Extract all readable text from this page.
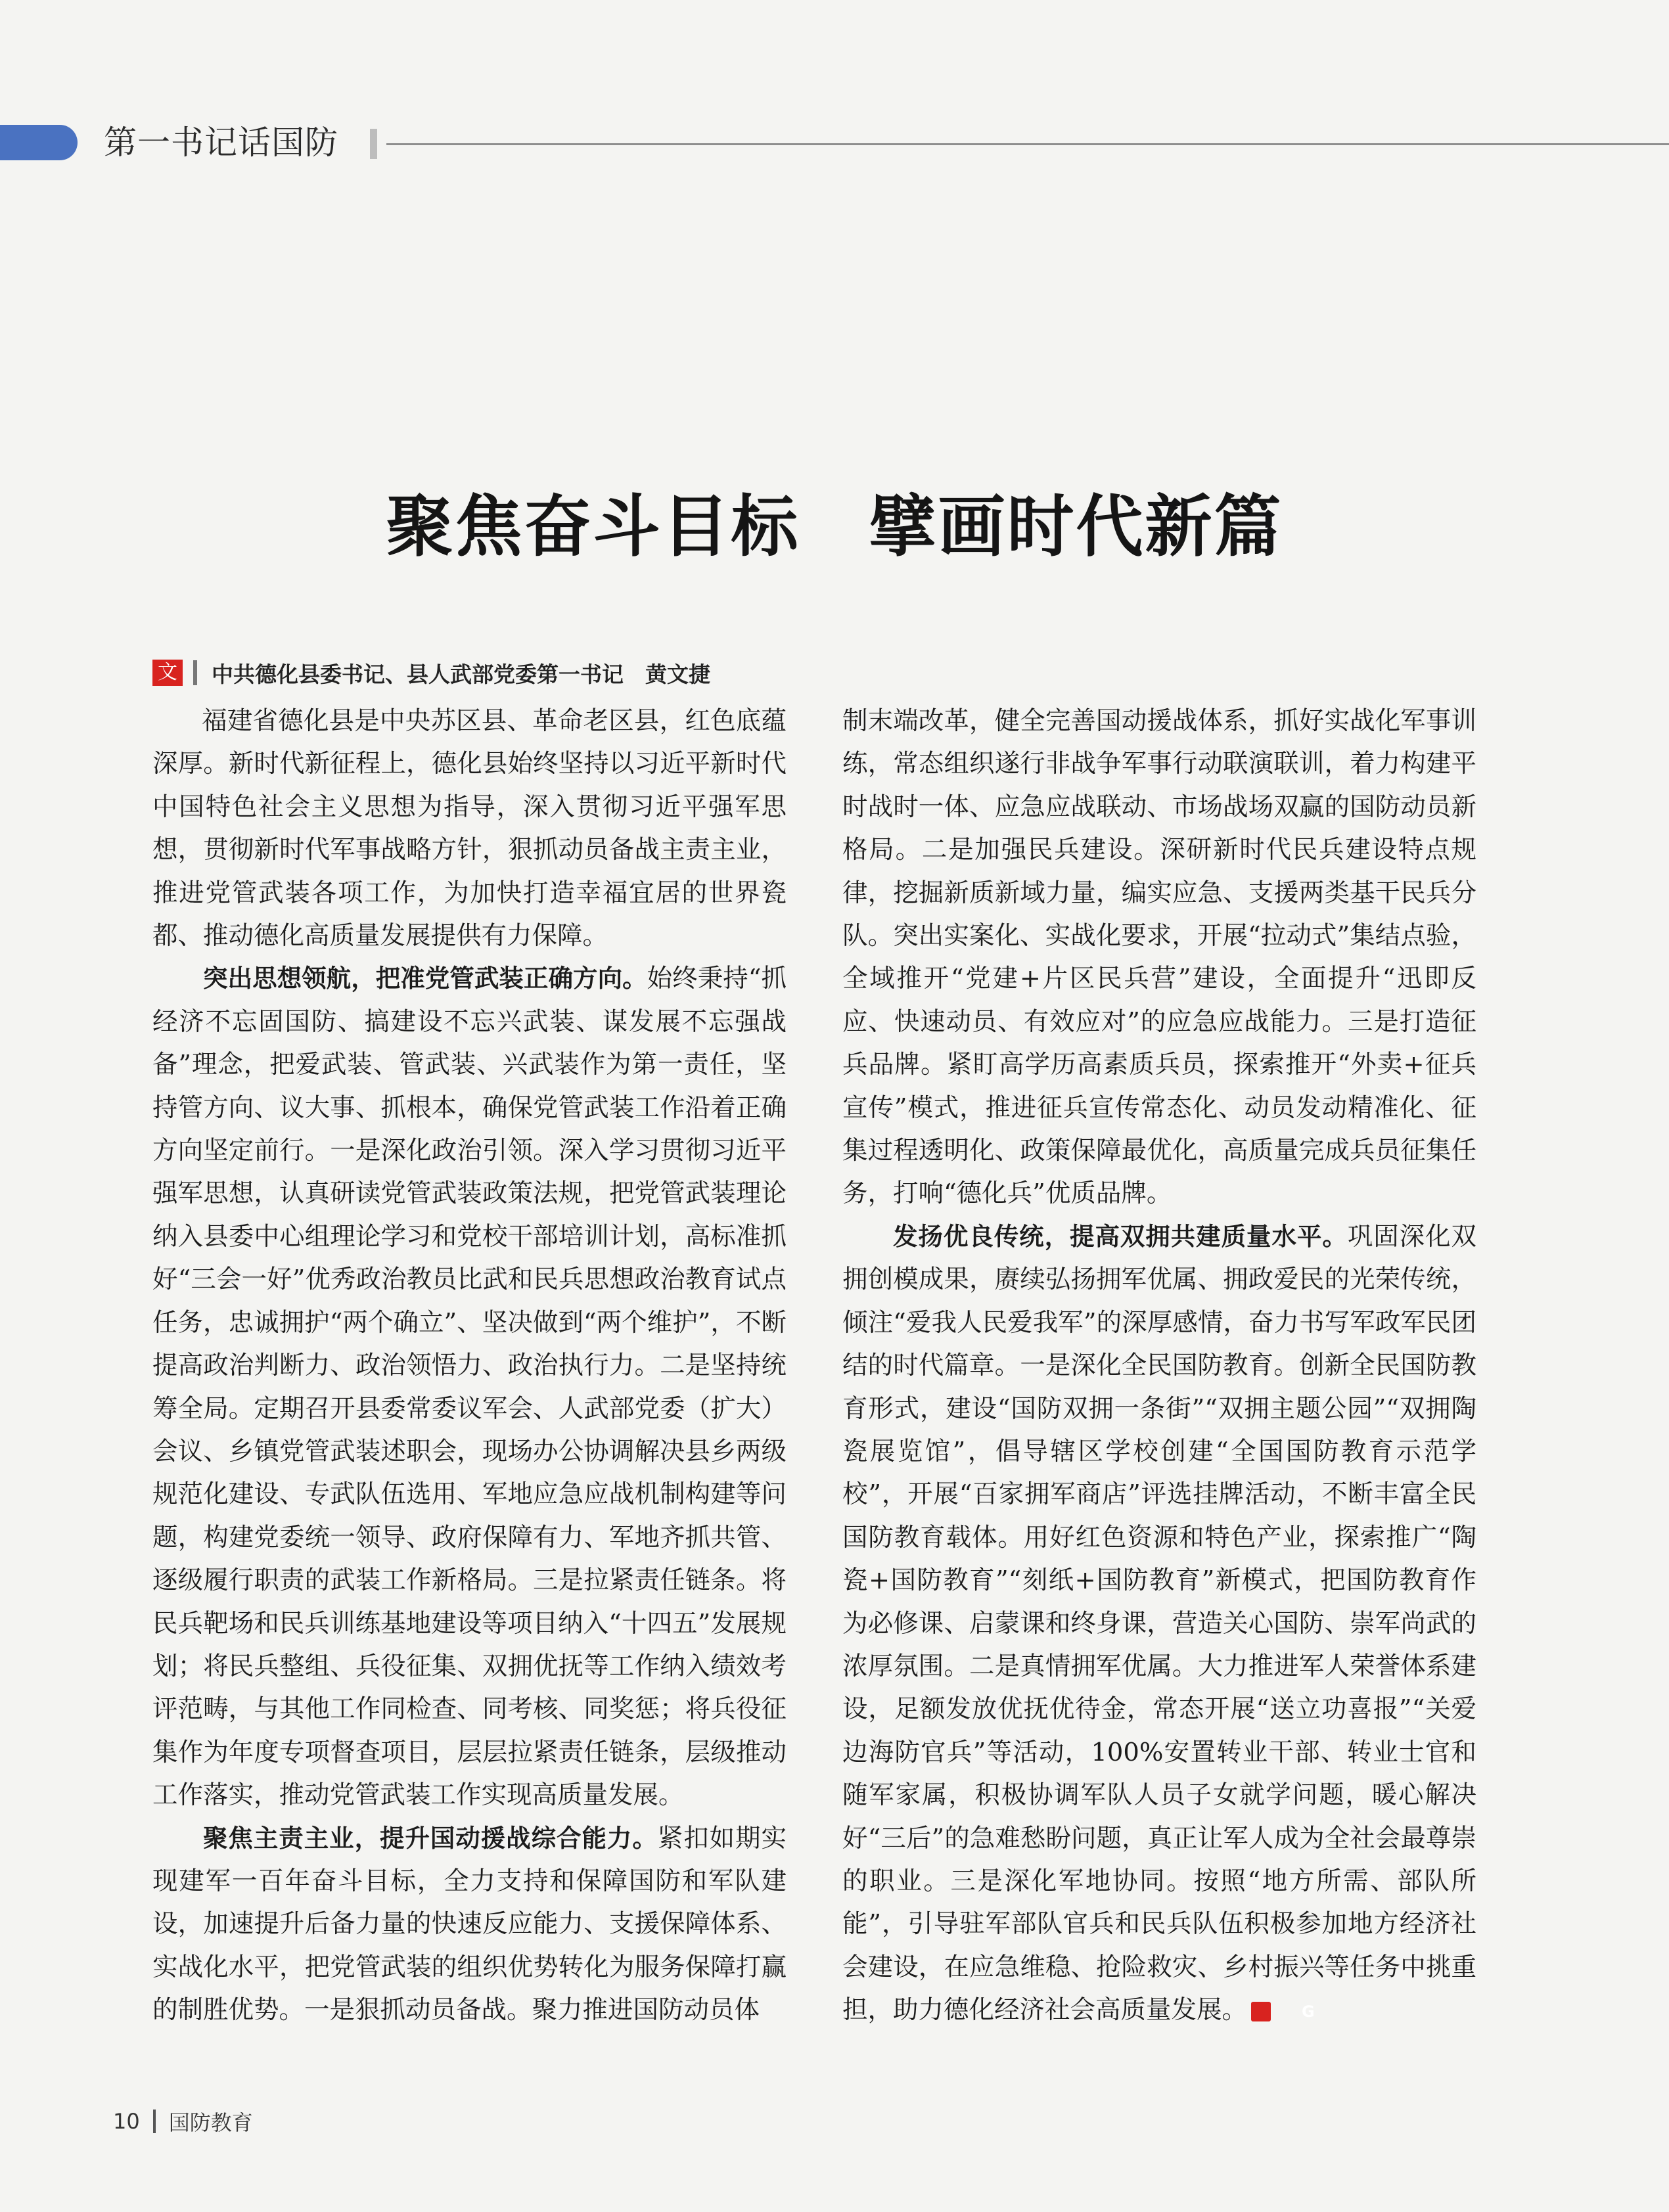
第一书记话国防
聚焦奋斗目标　擘画时代新篇
文 中共德化县委书记、县人武部党委第一书记　黄文捷

福建省德化县是中央苏区县、革命老区县，红色底蕴深厚。新时代新征程上，德化县始终坚持以习近平新时代中国特色社会主义思想为指导，深入贯彻习近平强军思想，贯彻新时代军事战略方针，狠抓动员备战主责主业，推进党管武装各项工作，为加快打造幸福宜居的世界瓷都、推动德化高质量发展提供有力保障。

突出思想领航，把准党管武装正确方向。始终秉持“抓经济不忘固国防、搞建设不忘兴武装、谋发展不忘强战备”理念，把爱武装、管武装、兴武装作为第一责任，坚持管方向、议大事、抓根本，确保党管武装工作沿着正确方向坚定前行。一是深化政治引领。深入学习贯彻习近平强军思想，认真研读党管武装政策法规，把党管武装理论纳入县委中心组理论学习和党校干部培训计划，高标准抓好“三会一好”优秀政治教员比武和民兵思想政治教育试点任务，忠诚拥护“两个确立”、坚决做到“两个维护”，不断提高政治判断力、政治领悟力、政治执行力。二是坚持统筹全局。定期召开县委常委议军会、人武部党委（扩大）会议、乡镇党管武装述职会，现场办公协调解决县乡两级规范化建设、专武队伍选用、军地应急应战机制构建等问题，构建党委统一领导、政府保障有力、军地齐抓共管、逐级履行职责的武装工作新格局。三是拉紧责任链条。将民兵靶场和民兵训练基地建设等项目纳入“十四五”发展规划；将民兵整组、兵役征集、双拥优抚等工作纳入绩效考评范畴，与其他工作同检查、同考核、同奖惩；将兵役征集作为年度专项督查项目，层层拉紧责任链条，层级推动工作落实，推动党管武装工作实现高质量发展。

聚焦主责主业，提升国动援战综合能力。紧扣如期实现建军一百年奋斗目标，全力支持和保障国防和军队建设，加速提升后备力量的快速反应能力、支援保障体系、实战化水平，把党管武装的组织优势转化为服务保障打赢的制胜优势。一是狠抓动员备战。聚力推进国防动员体

制末端改革，健全完善国动援战体系，抓好实战化军事训练，常态组织遂行非战争军事行动联演联训，着力构建平时战时一体、应急应战联动、市场战场双赢的国防动员新格局。二是加强民兵建设。深研新时代民兵建设特点规律，挖掘新质新域力量，编实应急、支援两类基干民兵分队。突出实案化、实战化要求，开展“拉动式”集结点验，全域推开“党建+片区民兵营”建设，全面提升“迅即反应、快速动员、有效应对”的应急应战能力。三是打造征兵品牌。紧盯高学历高素质兵员，探索推开“外卖+征兵宣传”模式，推进征兵宣传常态化、动员发动精准化、征集过程透明化、政策保障最优化，高质量完成兵员征集任务，打响“德化兵”优质品牌。

发扬优良传统，提高双拥共建质量水平。巩固深化双拥创模成果，赓续弘扬拥军优属、拥政爱民的光荣传统，倾注“爱我人民爱我军”的深厚感情，奋力书写军政军民团结的时代篇章。一是深化全民国防教育。创新全民国防教育形式，建设“国防双拥一条街”“双拥主题公园”“双拥陶瓷展览馆”，倡导辖区学校创建“全国国防教育示范学校”，开展“百家拥军商店”评选挂牌活动，不断丰富全民国防教育载体。用好红色资源和特色产业，探索推广“陶瓷+国防教育”“刻纸+国防教育”新模式，把国防教育作为必修课、启蒙课和终身课，营造关心国防、崇军尚武的浓厚氛围。二是真情拥军优属。大力推进军人荣誉体系建设，足额发放优抚优待金，常态开展“送立功喜报”“关爱边海防官兵”等活动，100%安置转业干部、转业士官和随军家属，积极协调军队人员子女就学问题，暖心解决好“三后”的急难愁盼问题，真正让军人成为全社会最尊崇的职业。三是深化军地协同。按照“地方所需、部队所能”，引导驻军部队官兵和民兵队伍积极参加地方经济社会建设，在应急维稳、抢险救灾、乡村振兴等任务中挑重担，助力德化经济社会高质量发展。	G

10 国防教育
